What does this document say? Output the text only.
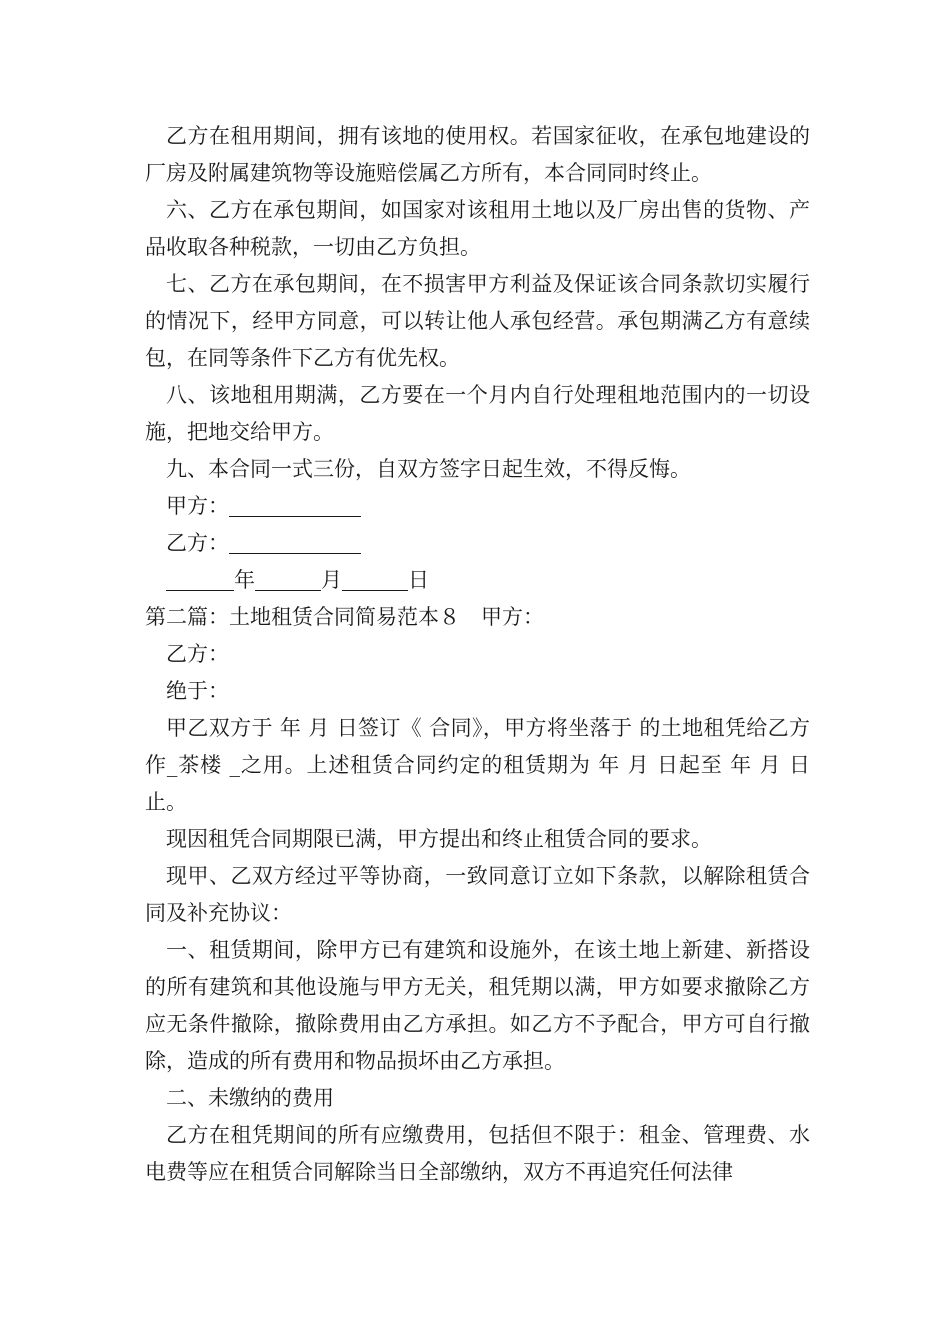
乙方在租用期间，拥有该地的使用权。若国家征收，在承包地建设的厂房及附属建筑物等设施赔偿属乙方所有，本合同同时终止。

六、乙方在承包期间，如国家对该租用土地以及厂房出售的货物、产品收取各种税款，一切由乙方负担。

七、乙方在承包期间，在不损害甲方利益及保证该合同条款切实履行的情况下，经甲方同意，可以转让他人承包经营。承包期满乙方有意续包，在同等条件下乙方有优先权。

八、该地租用期满，乙方要在一个月内自行处理租地范围内的一切设施，把地交给甲方。

九、本合同一式三份，自双方签字日起生效，不得反悔。

甲方：

乙方：

年	月	日

第二篇：土地租赁合同简易范本８　甲方：

乙方：

绝于：

甲乙双方于 年 月 日签订《 合同》，甲方将坐落于 的土地租凭给乙方作_茶楼 _之用。上述租赁合同约定的租赁期为 年 月 日起至 年 月 日止。

现因租凭合同期限已满，甲方提出和终止租赁合同的要求。

现甲、乙双方经过平等协商，一致同意订立如下条款，以解除租赁合同及补充协议：

一、租赁期间，除甲方已有建筑和设施外，在该土地上新建、新搭设的所有建筑和其他设施与甲方无关，租凭期以满，甲方如要求撤除乙方应无条件撤除，撤除费用由乙方承担。如乙方不予配合，甲方可自行撤除，造成的所有费用和物品损坏由乙方承担。

二、未缴纳的费用

乙方在租凭期间的所有应缴费用，包括但不限于：租金、管理费、水电费等应在租赁合同解除当日全部缴纳，双方不再追究任何法律
